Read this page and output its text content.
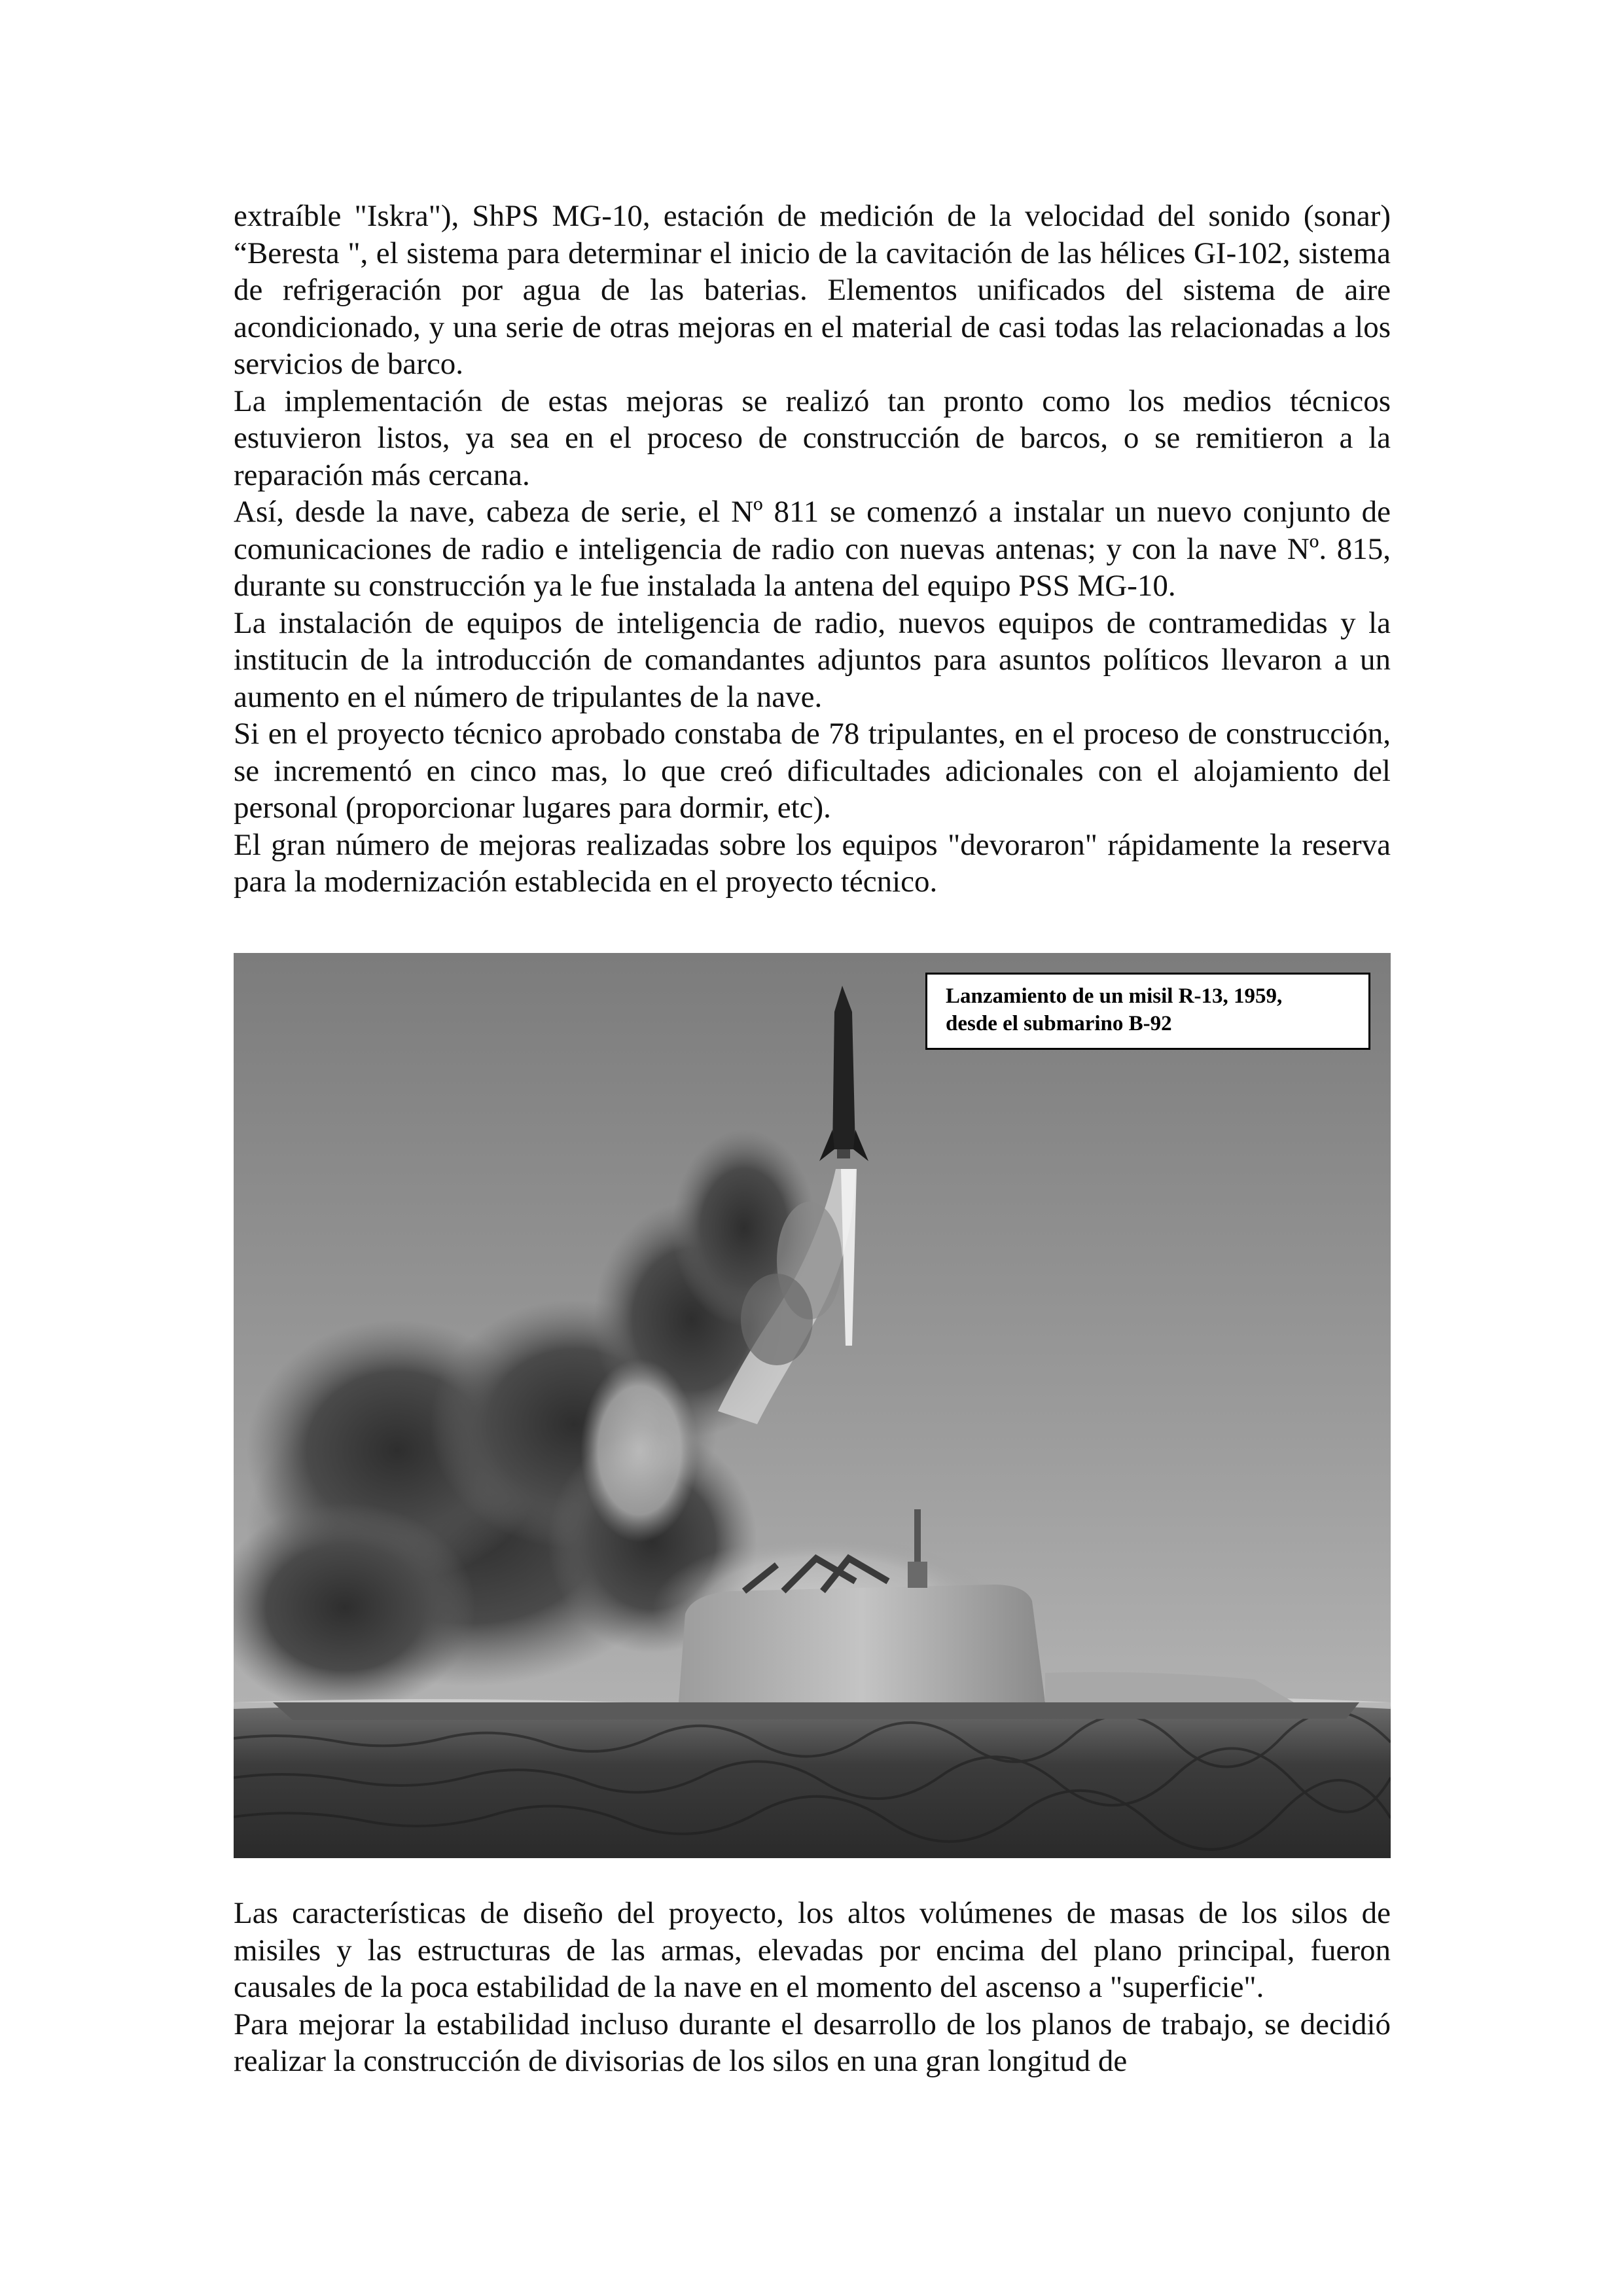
extraíble "Iskra"), ShPS MG-10, estación de medición de la velocidad del sonido (sonar) “Beresta ", el sistema para determinar el inicio de la cavitación de las hélices GI-102, sistema de refrigeración por agua de las baterias. Elementos unificados del sistema de aire acondicionado, y una serie de otras mejoras en el material de casi todas las relacionadas a los servicios de barco.

La implementación de estas mejoras se realizó tan pronto como los medios técnicos estuvieron listos, ya sea en el proceso de construcción de barcos, o se remitieron a la reparación más cercana.

Así, desde la nave, cabeza de serie, el Nº 811 se comenzó a instalar un nuevo conjunto de comunicaciones de radio e inteligencia de radio con nuevas antenas; y con la nave Nº. 815, durante su construcción ya le fue instalada la antena del equipo PSS MG-10.

La instalación de equipos de inteligencia de radio, nuevos equipos de contramedidas y la institucin de la introducción de comandantes adjuntos para asuntos políticos llevaron a un aumento en el número de tripulantes de la nave.

Si en el proyecto técnico aprobado constaba de 78 tripulantes, en el proceso de construcción, se incrementó en cinco mas, lo que creó dificultades adicionales con el alojamiento del personal (proporcionar lugares para dormir, etc).

El gran número de mejoras realizadas sobre los equipos "devoraron" rápidamente la reserva para la modernización establecida en el proyecto técnico.

Lanzamiento de un misil R-13, 1959,
desde el submarino B-92

Las características de diseño del proyecto, los altos volúmenes de masas de los silos de misiles y las estructuras de las armas, elevadas por encima del plano principal, fueron causales de la poca estabilidad de la nave en el momento del ascenso a "superficie".

Para mejorar la estabilidad incluso durante el desarrollo de los planos de trabajo, se decidió realizar la construcción de divisorias de los silos en una gran longitud de
